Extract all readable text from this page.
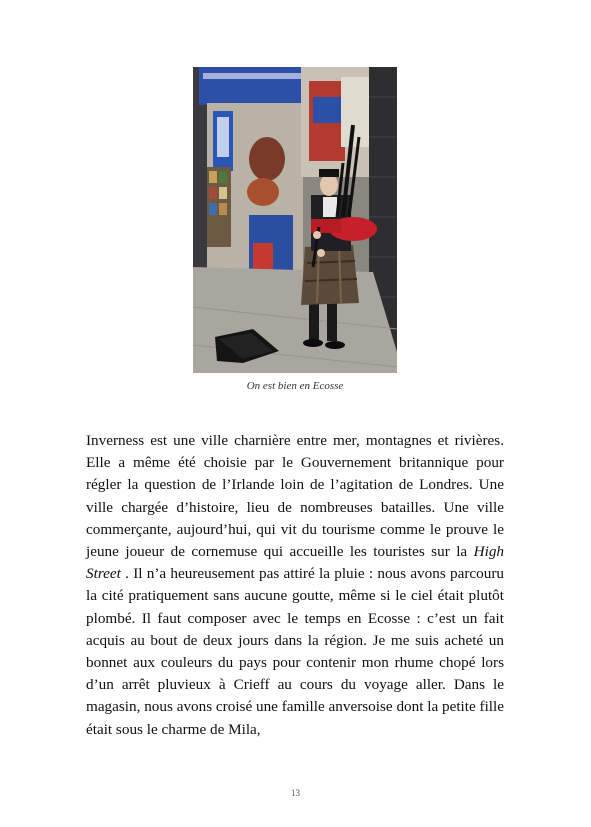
On est bien en Ecosse

Inverness est une ville charnière entre mer, montagnes et rivières. Elle a même été choisie par le Gouvernement britannique pour régler la question de l’Irlande loin de l’agitation de Londres. Une ville chargée d’histoire, lieu de nombreuses batailles. Une ville commerçante, aujourd’hui, qui vit du tourisme comme le prouve le jeune joueur de cornemuse qui accueille les touristes sur la High Street . Il n’a heureusement pas attiré la pluie : nous avons parcouru la cité pratiquement sans aucune goutte, même si le ciel était plutôt plombé. Il faut composer avec le temps en Ecosse : c’est un fait acquis au bout de deux jours dans la région. Je me suis acheté un bonnet aux couleurs du pays pour contenir mon rhume chopé lors d’un arrêt pluvieux à Crieff au cours du voyage aller. Dans le magasin, nous avons croisé une famille anversoise dont la petite fille était sous le charme de Mila,

13
